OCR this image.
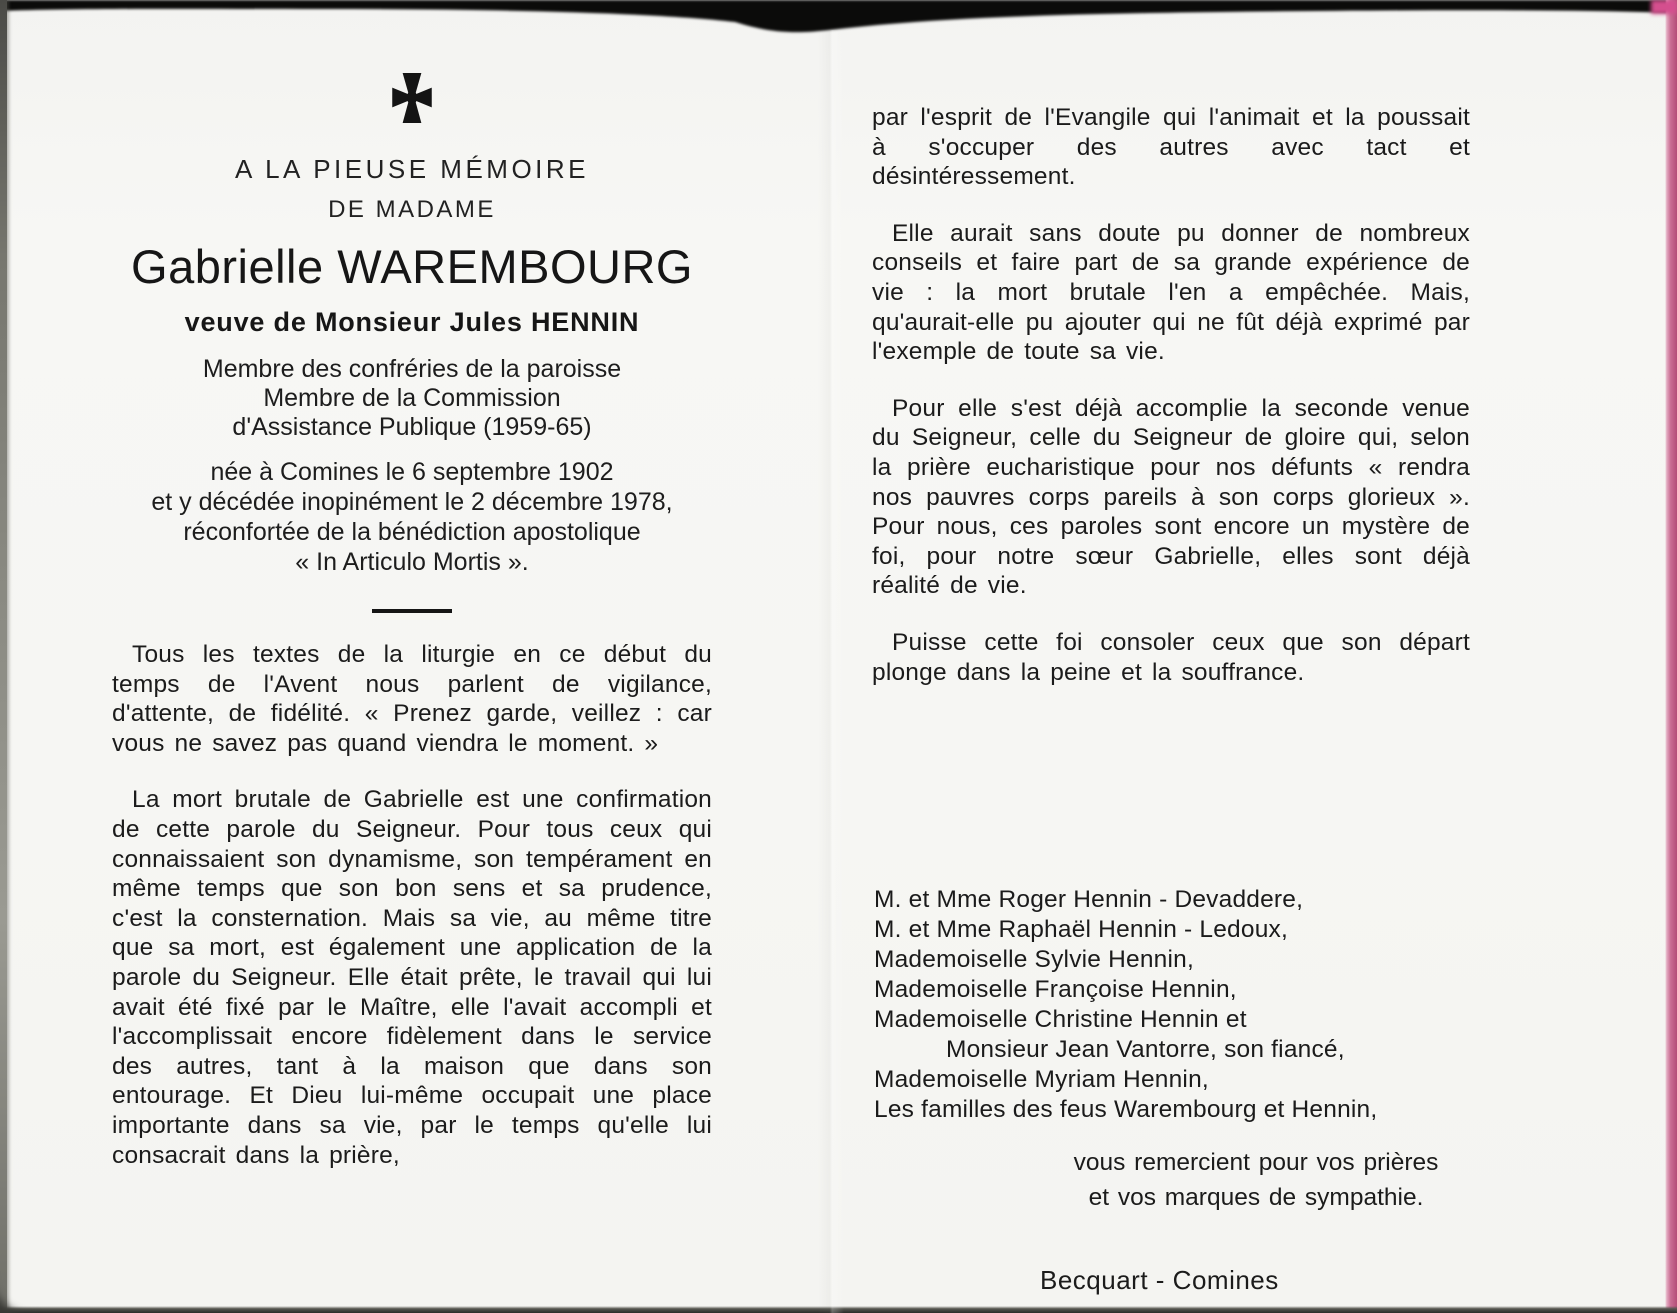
A LA PIEUSE MÉMOIRE
DE MADAME
Gabrielle WAREMBOURG
veuve de Monsieur Jules HENNIN
Membre des confréries de la paroisse
Membre de la Commission
d'Assistance Publique (1959-65)
née à Comines le 6 septembre 1902
et y décédée inopinément le 2 décembre 1978,
réconfortée de la bénédiction apostolique
« In Articulo Mortis ».

Tous les textes de la liturgie en ce début du temps de l'Avent nous parlent de vigilance, d'attente, de fidélité. « Prenez garde, veillez : car vous ne savez pas quand viendra le moment. »

La mort brutale de Gabrielle est une confirmation de cette parole du Seigneur. Pour tous ceux qui connaissaient son dynamisme, son tempérament en même temps que son bon sens et sa prudence, c'est la consternation. Mais sa vie, au même titre que sa mort, est également une application de la parole du Seigneur. Elle était prête, le travail qui lui avait été fixé par le Maître, elle l'avait accompli et l'accomplissait encore fidèlement dans le service des autres, tant à la maison que dans son entourage. Et Dieu lui-même occupait une place importante dans sa vie, par le temps qu'elle lui consacrait dans la prière,

par l'esprit de l'Evangile qui l'animait et la poussait à s'occuper des autres avec tact et désintéressement.

Elle aurait sans doute pu donner de nombreux conseils et faire part de sa grande expérience de vie : la mort brutale l'en a empêchée. Mais, qu'aurait-elle pu ajouter qui ne fût déjà exprimé par l'exemple de toute sa vie.

Pour elle s'est déjà accomplie la seconde venue du Seigneur, celle du Seigneur de gloire qui, selon la prière eucharistique pour nos défunts « rendra nos pauvres corps pareils à son corps glorieux ». Pour nous, ces paroles sont encore un mystère de foi, pour notre sœur Gabrielle, elles sont déjà réalité de vie.

Puisse cette foi consoler ceux que son départ plonge dans la peine et la souffrance.

M. et Mme Roger Hennin - Devaddere,
M. et Mme Raphaël Hennin - Ledoux,
Mademoiselle Sylvie Hennin,
Mademoiselle Françoise Hennin,
Mademoiselle Christine Hennin et
Monsieur Jean Vantorre, son fiancé,
Mademoiselle Myriam Hennin,
Les familles des feus Warembourg et Hennin,
vous remercient pour vos prières
et vos marques de sympathie.
Becquart - Comines
